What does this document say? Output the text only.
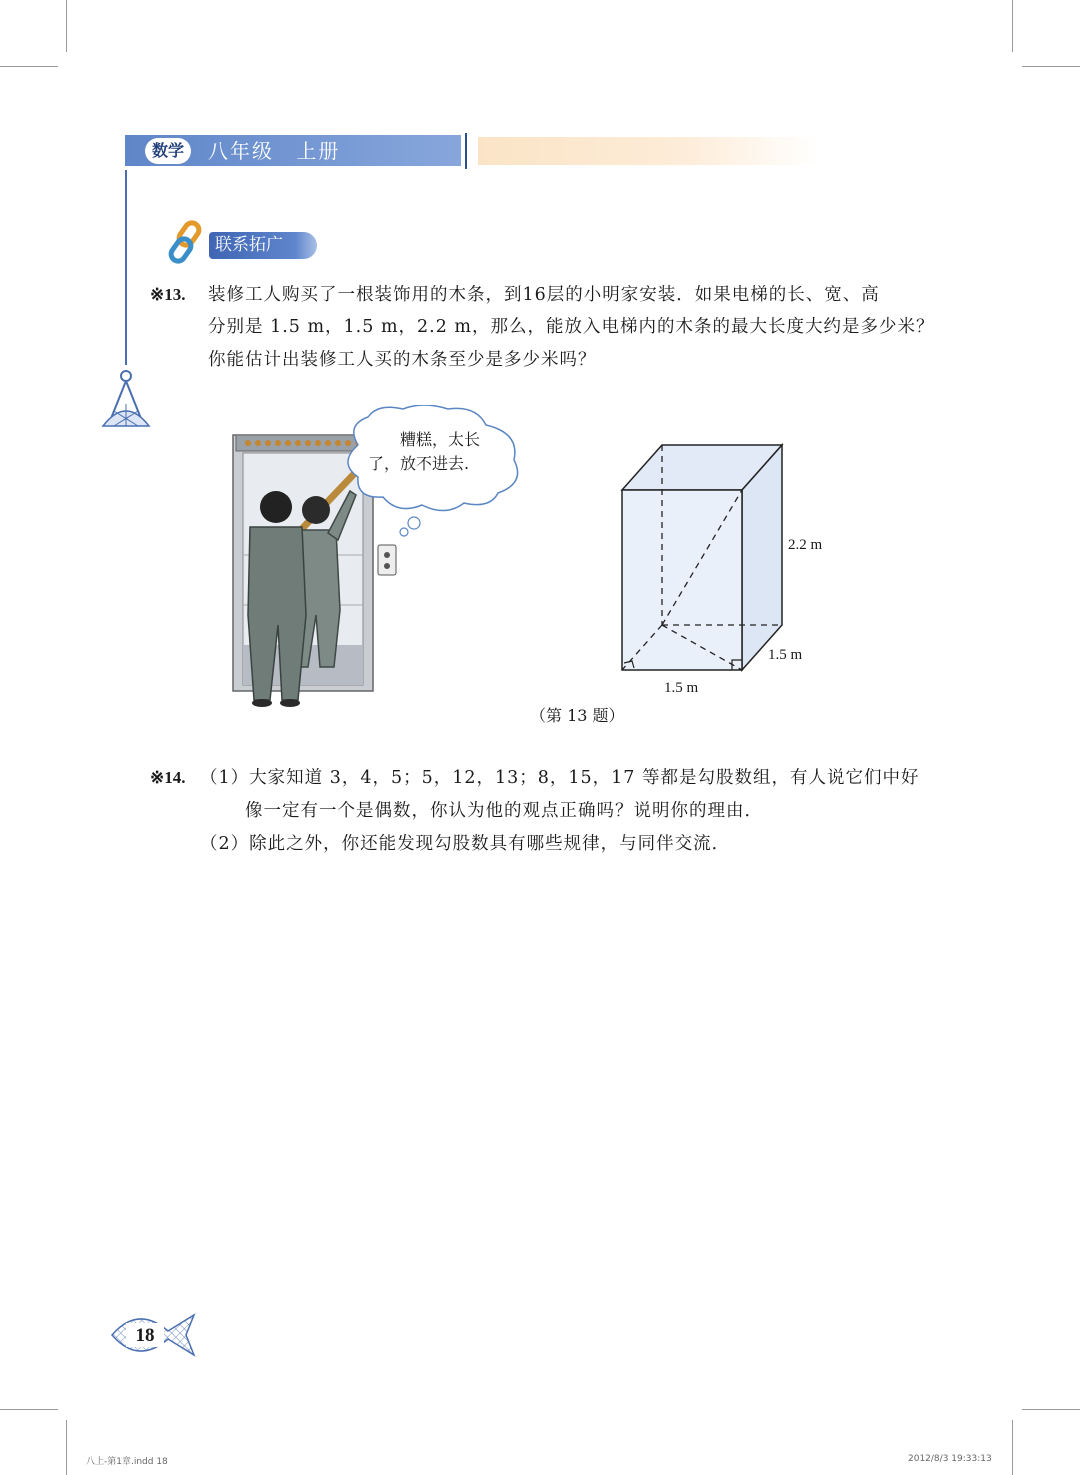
数学	八年级 上册
联系拓广
※13. 装修工人购买了一根装饰用的木条，到16层的小明家安装．如果电梯的长、宽、高
分别是 1.5 m，1.5 m，2.2 m，那么，能放入电梯内的木条的最大长度大约是多少米？
你能估计出装修工人买的木条至少是多少米吗？
糟糕，太长
了，放不进去.
2.2 m
1.5 m
1.5 m
（第 13 题）
※14. （1）大家知道 3，4，5；5，12，13；8，15，17 等都是勾股数组，有人说它们中好
像一定有一个是偶数，你认为他的观点正确吗？说明你的理由．
（2）除此之外，你还能发现勾股数具有哪些规律，与同伴交流．
18
八上-第1章.indd 18	2012/8/3 19:33:13
